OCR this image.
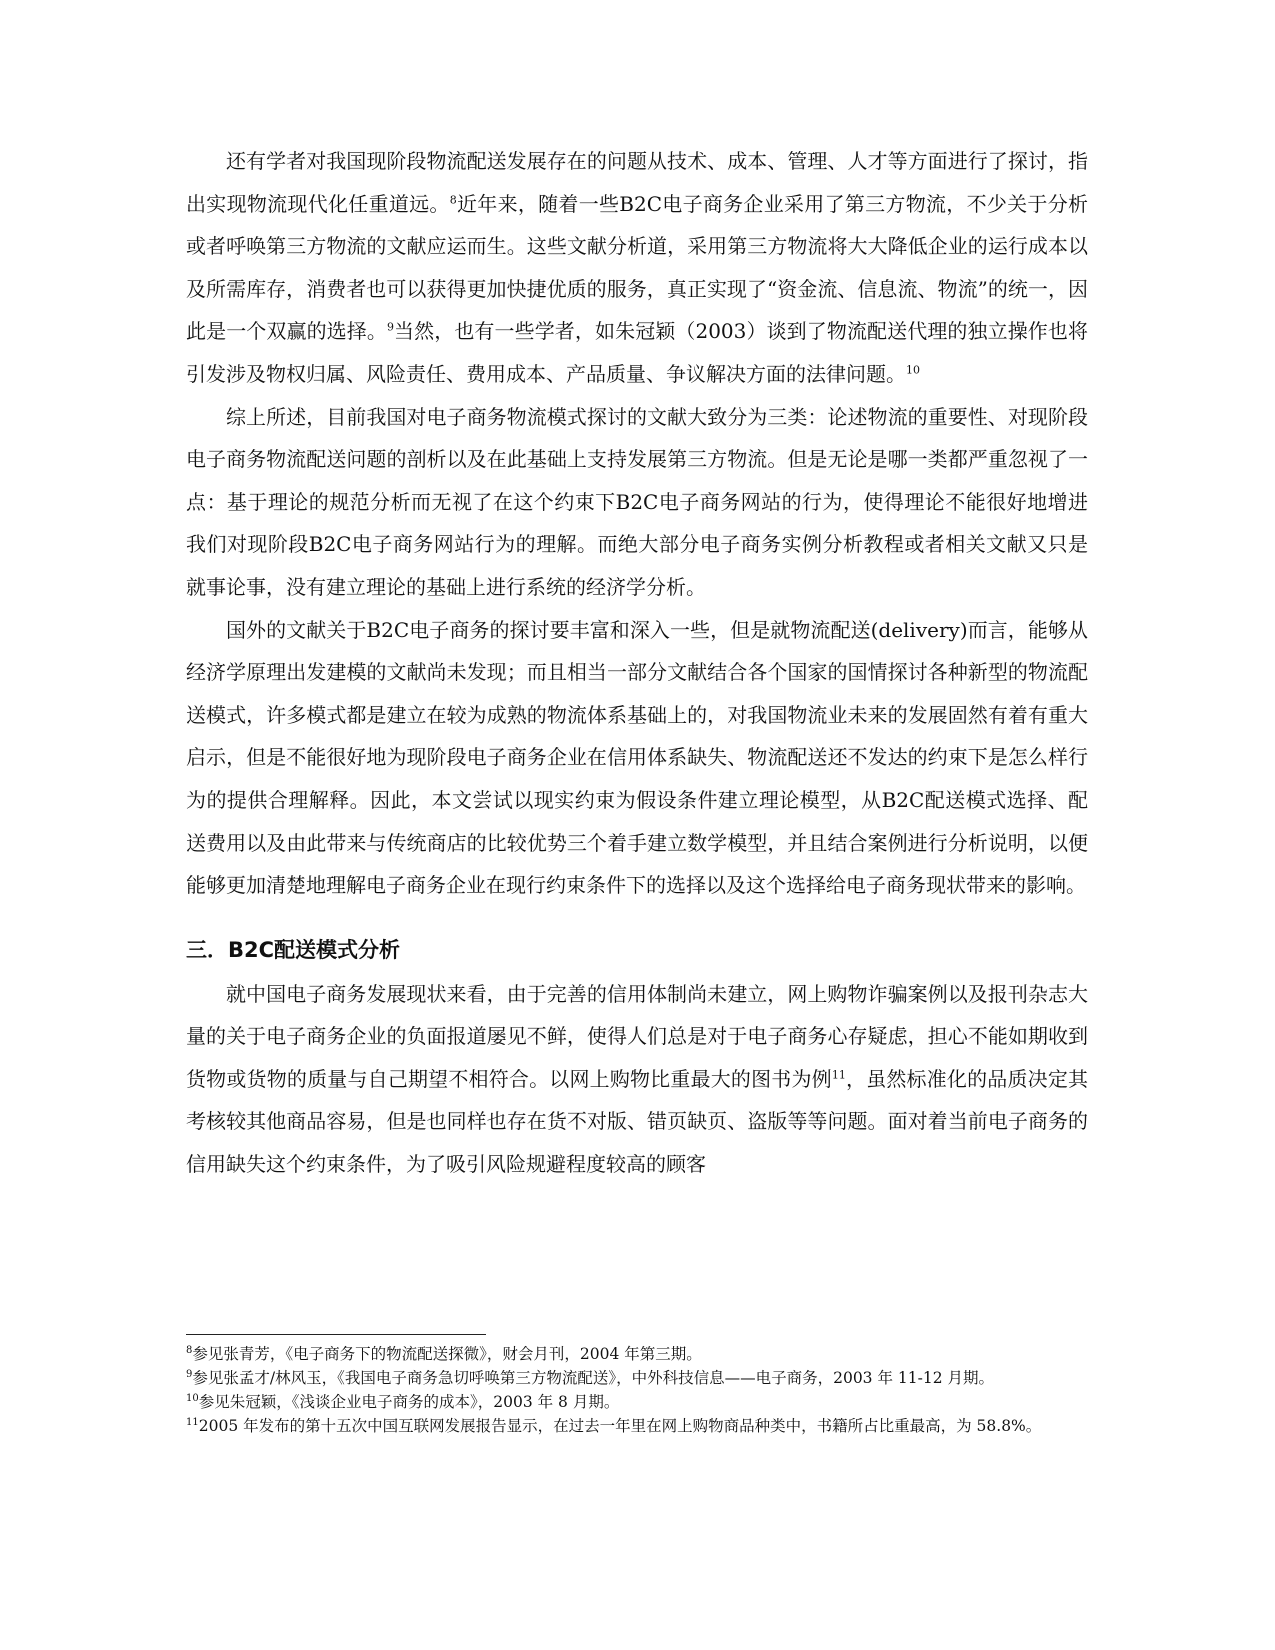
还有学者对我国现阶段物流配送发展存在的问题从技术、成本、管理、人才等方面进行了探讨，指出实现物流现代化任重道远。$^8$近年来，随着一些B2C电子商务企业采用了第三方物流，不少关于分析或者呼唤第三方物流的文献应运而生。这些文献分析道，采用第三方物流将大大降低企业的运行成本以及所需库存，消费者也可以获得更加快捷优质的服务，真正实现了“资金流、信息流、物流”的统一，因此是一个双赢的选择。$^9$当然，也有一些学者，如朱冠颖（2003）谈到了物流配送代理的独立操作也将引发涉及物权归属、风险责任、费用成本、产品质量、争议解决方面的法律问题。$^{10}$

综上所述，目前我国对电子商务物流模式探讨的文献大致分为三类：论述物流的重要性、对现阶段电子商务物流配送问题的剖析以及在此基础上支持发展第三方物流。但是无论是哪一类都严重忽视了一点：基于理论的规范分析而无视了在这个约束下B2C电子商务网站的行为，使得理论不能很好地增进我们对现阶段B2C电子商务网站行为的理解。而绝大部分电子商务实例分析教程或者相关文献又只是就事论事，没有建立理论的基础上进行系统的经济学分析。

国外的文献关于B2C电子商务的探讨要丰富和深入一些，但是就物流配送(delivery)而言，能够从经济学原理出发建模的文献尚未发现；而且相当一部分文献结合各个国家的国情探讨各种新型的物流配送模式，许多模式都是建立在较为成熟的物流体系基础上的，对我国物流业未来的发展固然有着有重大启示，但是不能很好地为现阶段电子商务企业在信用体系缺失、物流配送还不发达的约束下是怎么样行为的提供合理解释。因此，本文尝试以现实约束为假设条件建立理论模型，从B2C配送模式选择、配送费用以及由此带来与传统商店的比较优势三个着手建立数学模型，并且结合案例进行分析说明，以便能够更加清楚地理解电子商务企业在现行约束条件下的选择以及这个选择给电子商务现状带来的影响。

三．B2C配送模式分析

就中国电子商务发展现状来看，由于完善的信用体制尚未建立，网上购物诈骗案例以及报刊杂志大量的关于电子商务企业的负面报道屡见不鲜，使得人们总是对于电子商务心存疑虑，担心不能如期收到货物或货物的质量与自己期望不相符合。以网上购物比重最大的图书为例$^{11}$，虽然标准化的品质决定其考核较其他商品容易，但是也同样也存在货不对版、错页缺页、盗版等等问题。面对着当前电子商务的信用缺失这个约束条件，为了吸引风险规避程度较高的顾客

$^8$参见张青芳，《电子商务下的物流配送探微》，财会月刊，2004 年第三期。

$^9$参见张孟才/林风玉，《我国电子商务急切呼唤第三方物流配送》，中外科技信息——电子商务，2003 年 11-12 月期。

$^{10}$参见朱冠颖，《浅谈企业电子商务的成本》，2003 年 8 月期。

$^{11}$2005 年发布的第十五次中国互联网发展报告显示，在过去一年里在网上购物商品种类中，书籍所占比重最高，为 58.8%。
